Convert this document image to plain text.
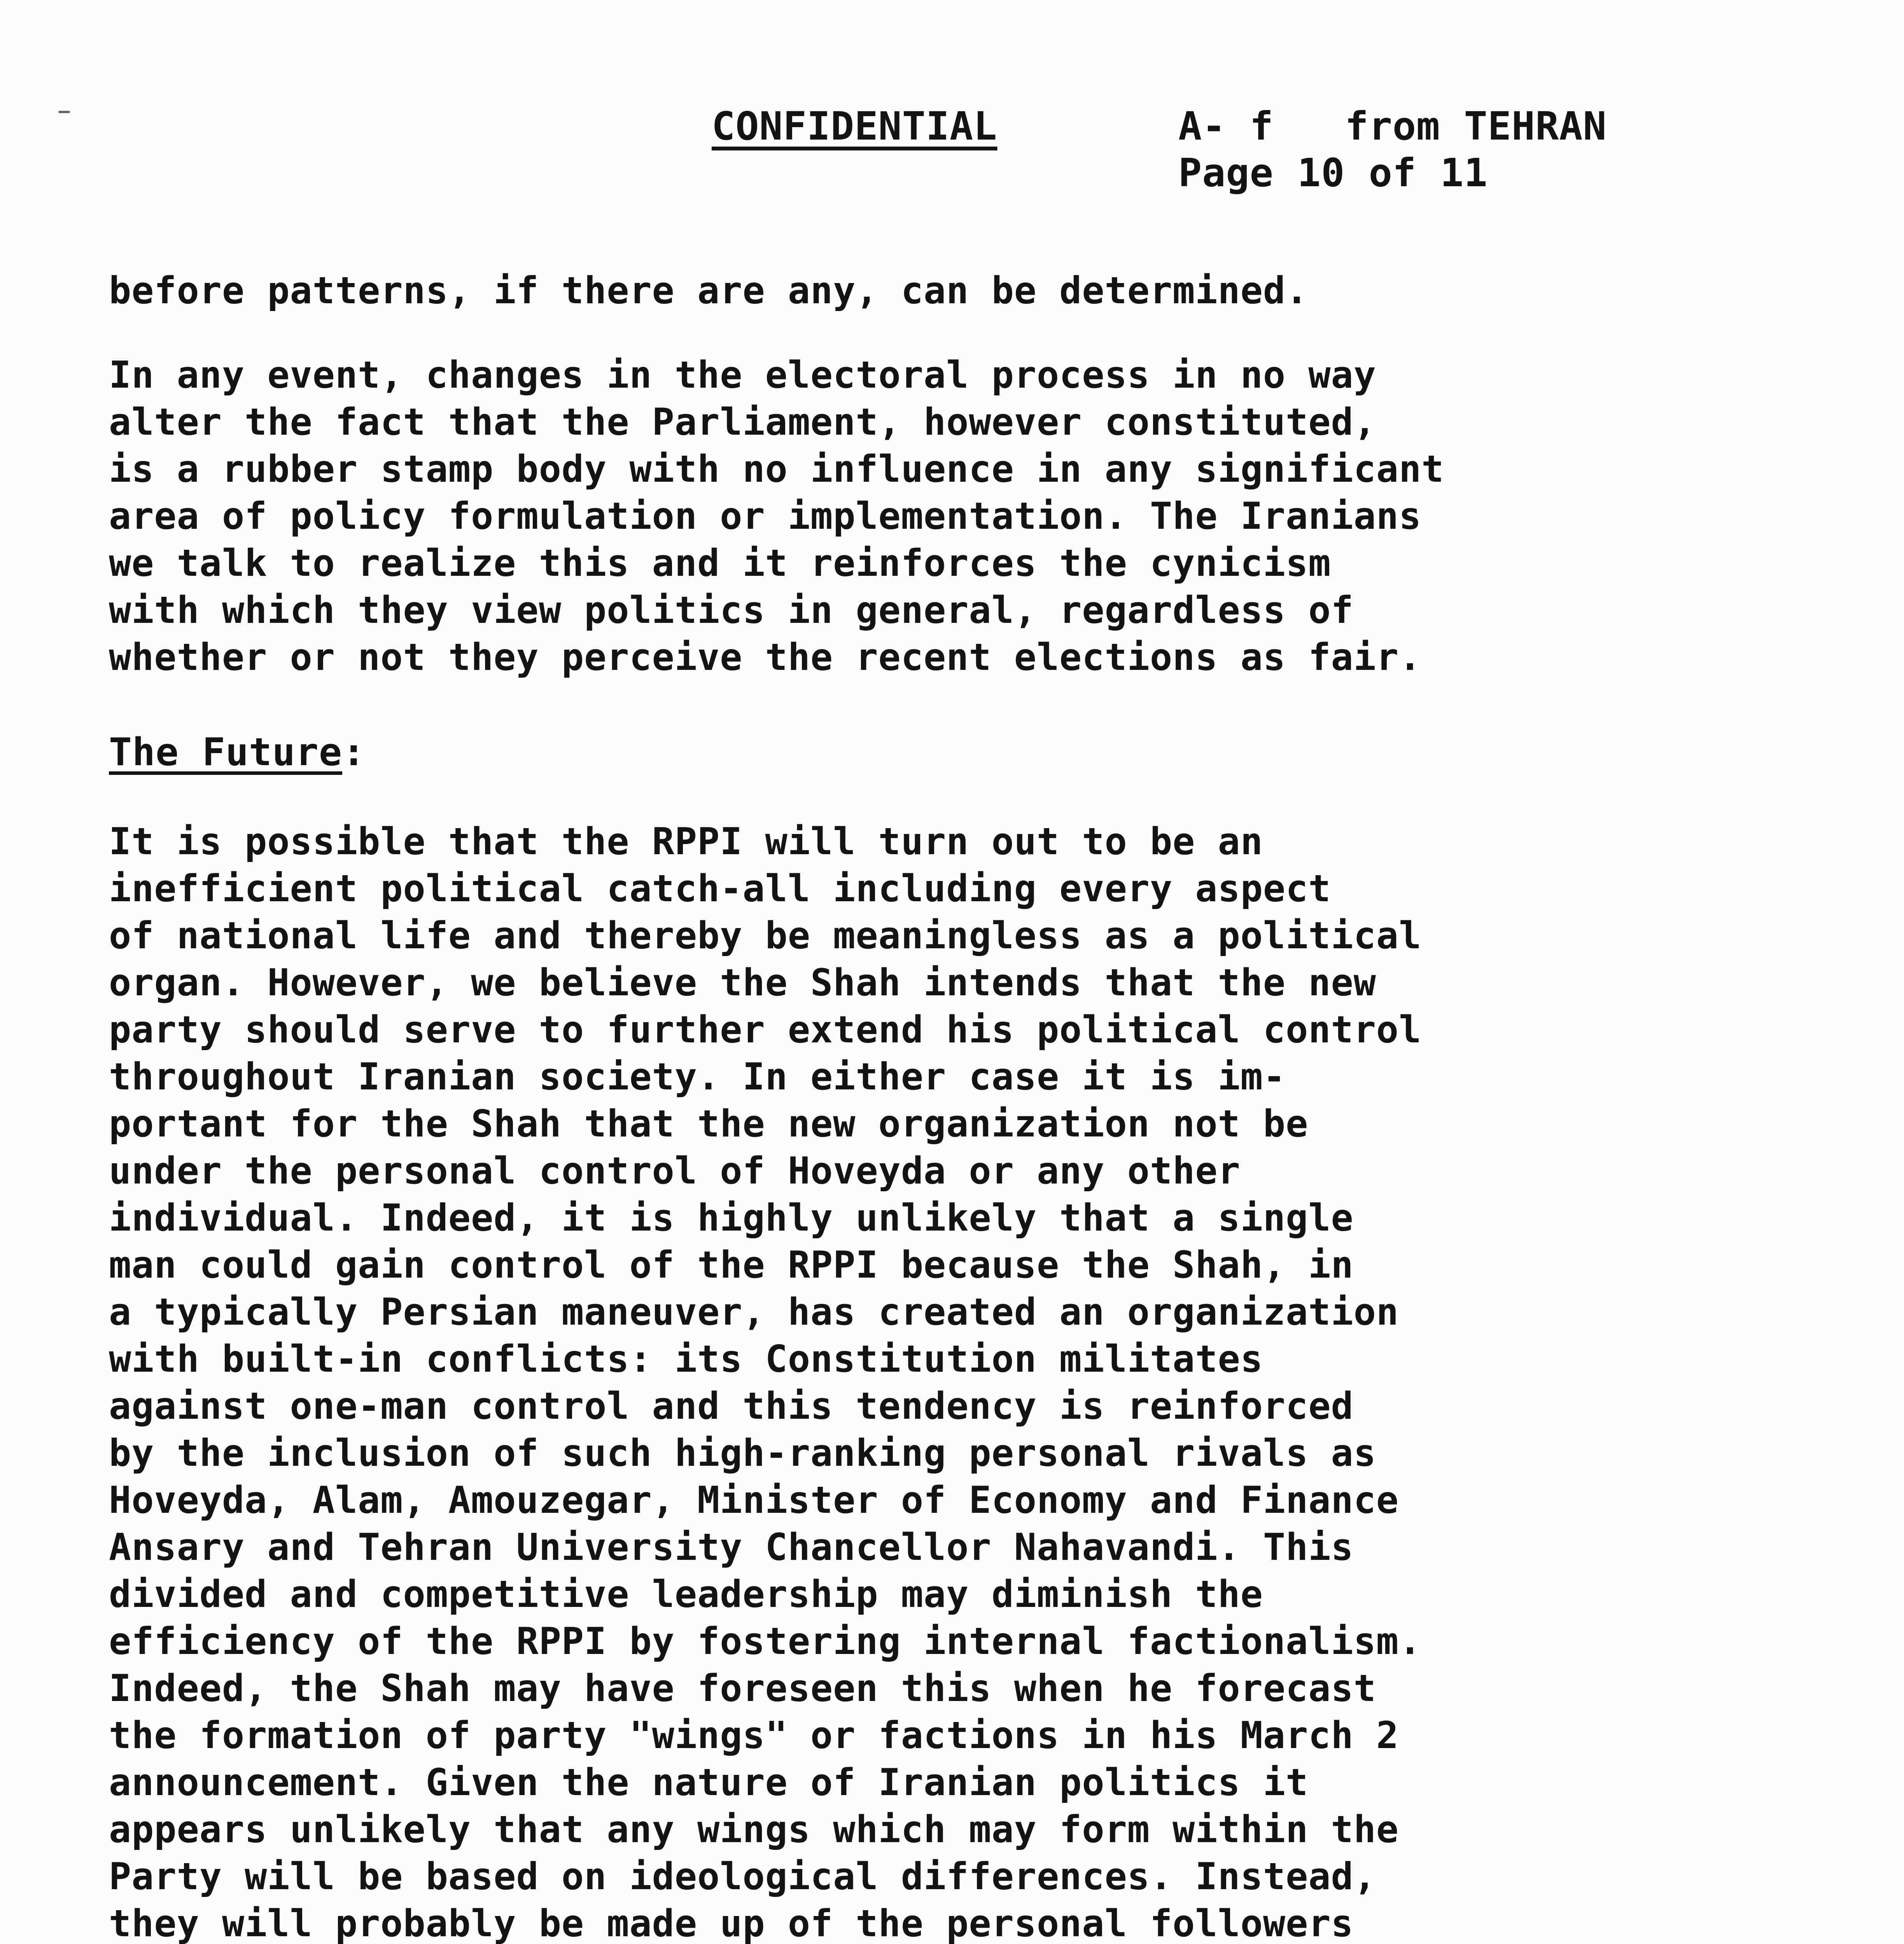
CONFIDENTIAL	A- f from TEHRAN
Page 10 of 11
before patterns, if there are any, can be determined.
In any event, changes in the electoral process in no way
alter the fact that the Parliament, however constituted,
is a rubber stamp body with no influence in any significant
area of policy formulation or implementation. The Iranians
we talk to realize this and it reinforces the cynicism
with which they view politics in general, regardless of
whether or not they perceive the recent elections as fair.
The Future:
It is possible that the RPPI will turn out to be an
inefficient political catch-all including every aspect
of national life and thereby be meaningless as a political
organ. However, we believe the Shah intends that the new
party should serve to further extend his political control
throughout Iranian society. In either case it is im-
portant for the Shah that the new organization not be
under the personal control of Hoveyda or any other
individual. Indeed, it is highly unlikely that a single
man could gain control of the RPPI because the Shah, in
a typically Persian maneuver, has created an organization
with built-in conflicts: its Constitution militates
against one-man control and this tendency is reinforced
by the inclusion of such high-ranking personal rivals as
Hoveyda, Alam, Amouzegar, Minister of Economy and Finance
Ansary and Tehran University Chancellor Nahavandi. This
divided and competitive leadership may diminish the
efficiency of the RPPI by fostering internal factionalism.
Indeed, the Shah may have foreseen this when he forecast
the formation of party "wings" or factions in his March 2
announcement. Given the nature of Iranian politics it
appears unlikely that any wings which may form within the
Party will be based on ideological differences. Instead,
they will probably be made up of the personal followers
